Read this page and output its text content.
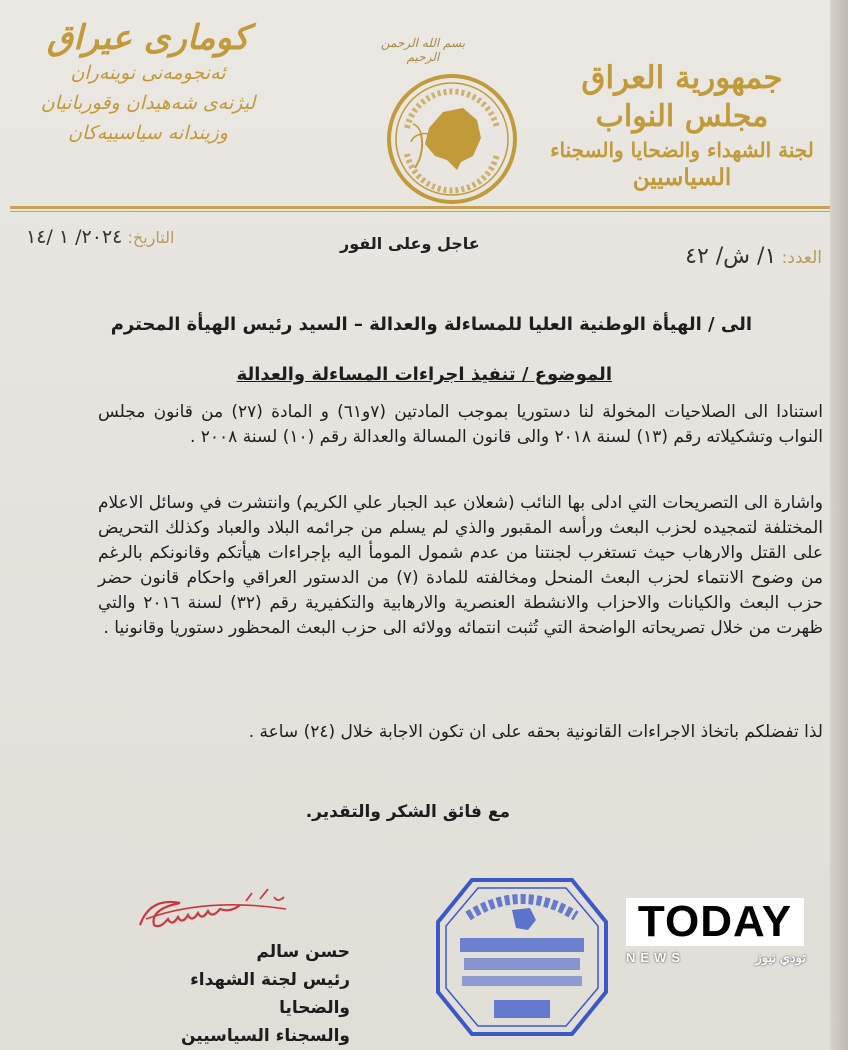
كومارى عيراق
ئەنجومەنى نوينەران
ليژنەى شەهيدان وقوربانيان
وزيندانە سياسييەكان
بسم الله الرحمن الرحيم
جمهورية العراق
مجلس النواب
لجنة الشهداء والضحايا والسجناء
السياسيين
التاريخ: ٢٠٢٤/ ١ /١٤	عاجل وعلى الفور
العدد: ١/ ش/ ٤٢
الى / الهيأة الوطنية العليا للمساءلة والعدالة – السيد رئيس الهيأة المحترم
الموضوع / تنفيذ اجراءات المساءلة والعدالة
استنادا الى الصلاحيات المخولة لنا دستوريا بموجب المادتين (٧و٦١) و المادة (٢٧) من قانون مجلس النواب وتشكيلاته رقم (١٣) لسنة ٢٠١٨ والى قانون المسالة والعدالة رقم (١٠) لسنة ٢٠٠٨ .
واشارة الى التصريحات التي ادلى بها النائب (شعلان عبد الجبار علي الكريم) وانتشرت في وسائل الاعلام المختلفة لتمجيده لحزب البعث ورأسه المقبور والذي لم يسلم من جرائمه البلاد والعباد وكذلك التحريض على القتل والارهاب حيث تستغرب لجنتنا من عدم شمول المومأ اليه بإجراءات هيأتكم وقانونكم بالرغم من وضوح الانتماء لحزب البعث المنحل ومخالفته للمادة (٧) من الدستور العراقي واحكام قانون حضر حزب البعث والكيانات والاحزاب والانشطة العنصرية والارهابية والتكفيرية رقم (٣٢) لسنة ٢٠١٦ والتي ظهرت من خلال تصريحاته الواضحة التي تُثبت انتمائه وولائه الى حزب البعث المحظور دستوريا وقانونيا .
لذا تفضلكم باتخاذ الاجراءات القانونية بحقه على ان تكون الاجابة خلال (٢٤) ساعة .
مع فائق الشكر والتقدير.
حسن سالم
رئيس لجنة الشهداء والضحايا
والسجناء السياسيين
TODAY
NEWS	تودي نيوز
